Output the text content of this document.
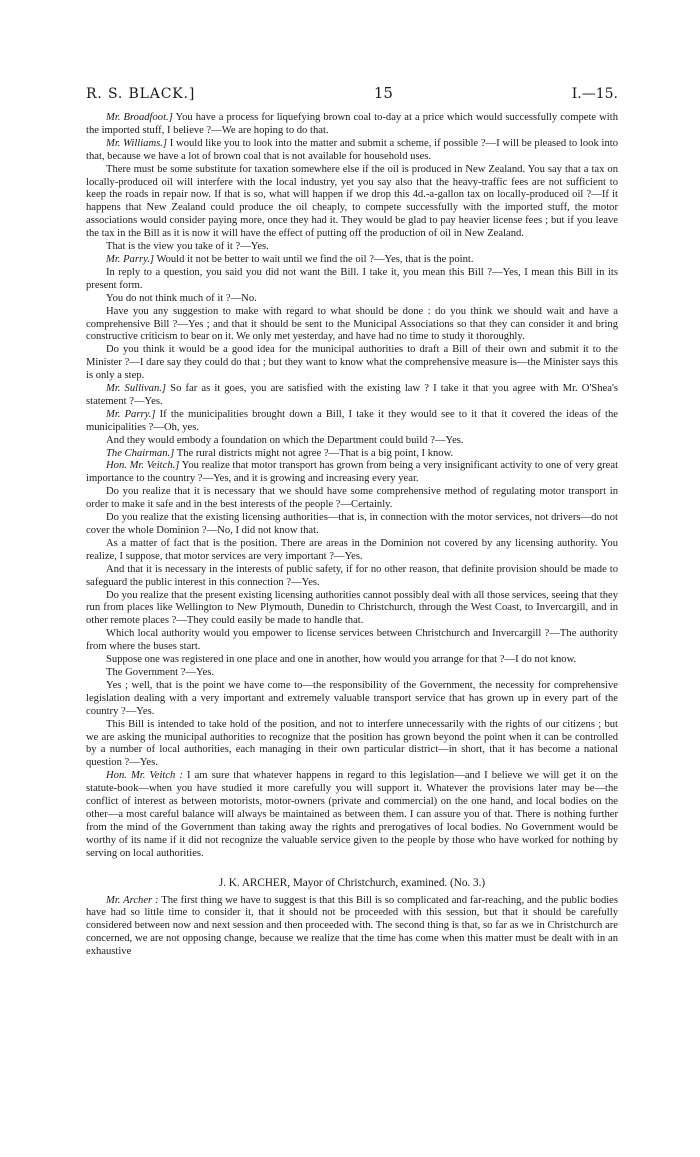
R. S. BLACK.]	15	I.—15.

Mr. Broadfoot.] You have a process for liquefying brown coal to-day at a price which would successfully compete with the imported stuff, I believe ?—We are hoping to do that.

Mr. Williams.] I would like you to look into the matter and submit a scheme, if possible ?—I will be pleased to look into that, because we have a lot of brown coal that is not available for household uses.

There must be some substitute for taxation somewhere else if the oil is produced in New Zealand. You say that a tax on locally-produced oil will interfere with the local industry, yet you say also that the heavy-traffic fees are not sufficient to keep the roads in repair now. If that is so, what will happen if we drop this 4d.-a-gallon tax on locally-produced oil ?—If it happens that New Zealand could produce the oil cheaply, to compete successfully with the imported stuff, the motor associations would consider paying more, once they had it. They would be glad to pay heavier license fees ; but if you leave the tax in the Bill as it is now it will have the effect of putting off the production of oil in New Zealand.

That is the view you take of it ?—Yes.

Mr. Parry.] Would it not be better to wait until we find the oil ?—Yes, that is the point.

In reply to a question, you said you did not want the Bill. I take it, you mean this Bill ?—Yes, I mean this Bill in its present form.

You do not think much of it ?—No.

Have you any suggestion to make with regard to what should be done : do you think we should wait and have a comprehensive Bill ?—Yes ; and that it should be sent to the Municipal Associations so that they can consider it and bring constructive criticism to bear on it. We only met yesterday, and have had no time to study it thoroughly.

Do you think it would be a good idea for the municipal authorities to draft a Bill of their own and submit it to the Minister ?—I dare say they could do that ; but they want to know what the comprehensive measure is—the Minister says this is only a step.

Mr. Sullivan.] So far as it goes, you are satisfied with the existing law ? I take it that you agree with Mr. O'Shea's statement ?—Yes.

Mr. Parry.] If the municipalities brought down a Bill, I take it they would see to it that it covered the ideas of the municipalities ?—Oh, yes.

And they would embody a foundation on which the Department could build ?—Yes.

The Chairman.] The rural districts might not agree ?—That is a big point, I know.

Hon. Mr. Veitch.] You realize that motor transport has grown from being a very insignificant activity to one of very great importance to the country ?—Yes, and it is growing and increasing every year.

Do you realize that it is necessary that we should have some comprehensive method of regulating motor transport in order to make it safe and in the best interests of the people ?—Certainly.

Do you realize that the existing licensing authorities—that is, in connection with the motor services, not drivers—do not cover the whole Dominion ?—No, I did not know that.

As a matter of fact that is the position. There are areas in the Dominion not covered by any licensing authority. You realize, I suppose, that motor services are very important ?—Yes.

And that it is necessary in the interests of public safety, if for no other reason, that definite provision should be made to safeguard the public interest in this connection ?—Yes.

Do you realize that the present existing licensing authorities cannot possibly deal with all those services, seeing that they run from places like Wellington to New Plymouth, Dunedin to Christchurch, through the West Coast, to Invercargill, and in other remote places ?—They could easily be made to handle that.

Which local authority would you empower to license services between Christchurch and Invercargill ?—The authority from where the buses start.

Suppose one was registered in one place and one in another, how would you arrange for that ?—I do not know.

The Government ?—Yes.

Yes ; well, that is the point we have come to—the responsibility of the Government, the necessity for comprehensive legislation dealing with a very important and extremely valuable transport service that has grown up in every part of the country ?—Yes.

This Bill is intended to take hold of the position, and not to interfere unnecessarily with the rights of our citizens ; but we are asking the municipal authorities to recognize that the position has grown beyond the point when it can be controlled by a number of local authorities, each managing in their own particular district—in short, that it has become a national question ?—Yes.

Hon. Mr. Veitch : I am sure that whatever happens in regard to this legislation—and I believe we will get it on the statute-book—when you have studied it more carefully you will support it. Whatever the provisions later may be—the conflict of interest as between motorists, motor-owners (private and commercial) on the one hand, and local bodies on the other—a most careful balance will always be maintained as between them. I can assure you of that. There is nothing further from the mind of the Government than taking away the rights and prerogatives of local bodies. No Government would be worthy of its name if it did not recognize the valuable service given to the people by those who have worked for nothing by serving on local authorities.

J. K. ARCHER, Mayor of Christchurch, examined. (No. 3.)

Mr. Archer : The first thing we have to suggest is that this Bill is so complicated and far-reaching, and the public bodies have had so little time to consider it, that it should not be proceeded with this session, but that it should be carefully considered between now and next session and then proceeded with. The second thing is that, so far as we in Christchurch are concerned, we are not opposing change, because we realize that the time has come when this matter must be dealt with in an exhaustive
